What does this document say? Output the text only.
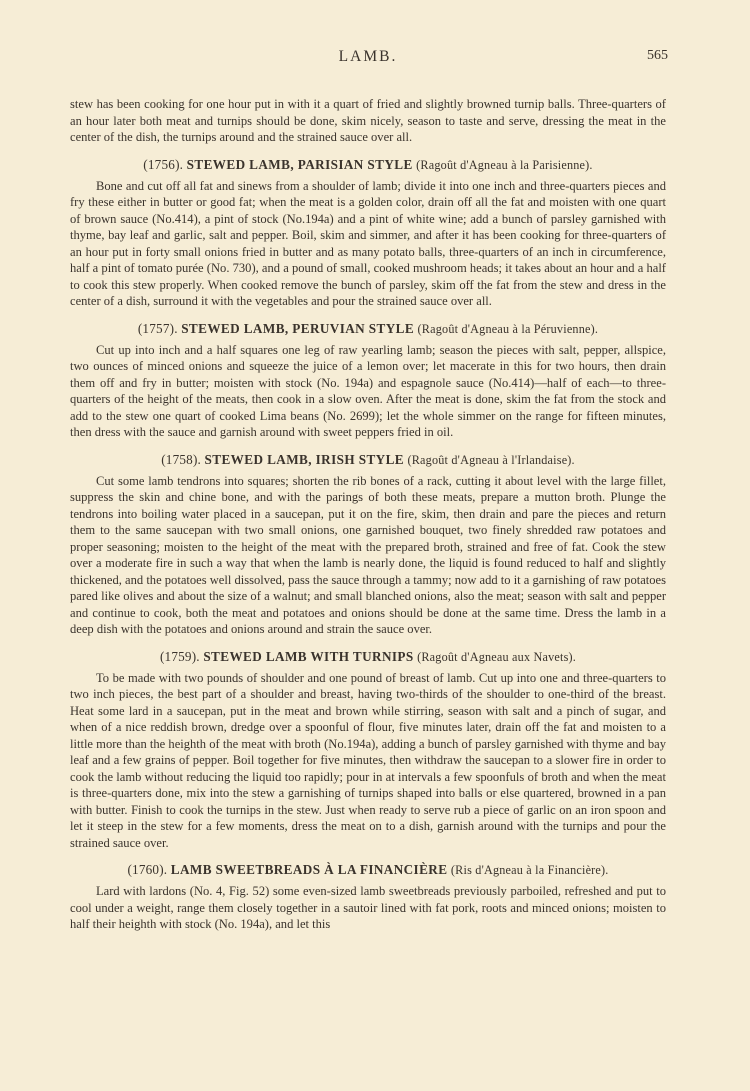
LAMB.	565

stew has been cooking for one hour put in with it a quart of fried and slightly browned turnip balls. Three-quarters of an hour later both meat and turnips should be done, skim nicely, season to taste and serve, dressing the meat in the center of the dish, the turnips around and the strained sauce over all.

(1756). STEWED LAMB, PARISIAN STYLE (Ragoût d'Agneau à la Parisienne).

Bone and cut off all fat and sinews from a shoulder of lamb; divide it into one inch and three-quarters pieces and fry these either in butter or good fat; when the meat is a golden color, drain off all the fat and moisten with one quart of brown sauce (No.414), a pint of stock (No.194a) and a pint of white wine; add a bunch of parsley garnished with thyme, bay leaf and garlic, salt and pepper. Boil, skim and simmer, and after it has been cooking for three-quarters of an hour put in forty small onions fried in butter and as many potato balls, three-quarters of an inch in circumference, half a pint of tomato purée (No. 730), and a pound of small, cooked mushroom heads; it takes about an hour and a half to cook this stew properly. When cooked remove the bunch of parsley, skim off the fat from the stew and dress in the center of a dish, surround it with the vegetables and pour the strained sauce over all.

(1757). STEWED LAMB, PERUVIAN STYLE (Ragoût d'Agneau à la Péruvienne).

Cut up into inch and a half squares one leg of raw yearling lamb; season the pieces with salt, pepper, allspice, two ounces of minced onions and squeeze the juice of a lemon over; let macerate in this for two hours, then drain them off and fry in butter; moisten with stock (No. 194a) and espagnole sauce (No.414)—half of each—to three-quarters of the height of the meats, then cook in a slow oven. After the meat is done, skim the fat from the stock and add to the stew one quart of cooked Lima beans (No. 2699); let the whole simmer on the range for fifteen minutes, then dress with the sauce and garnish around with sweet peppers fried in oil.

(1758). STEWED LAMB, IRISH STYLE (Ragoût d'Agneau à l'Irlandaise).

Cut some lamb tendrons into squares; shorten the rib bones of a rack, cutting it about level with the large fillet, suppress the skin and chine bone, and with the parings of both these meats, prepare a mutton broth. Plunge the tendrons into boiling water placed in a saucepan, put it on the fire, skim, then drain and pare the pieces and return them to the same saucepan with two small onions, one garnished bouquet, two finely shredded raw potatoes and proper seasoning; moisten to the height of the meat with the prepared broth, strained and free of fat. Cook the stew over a moderate fire in such a way that when the lamb is nearly done, the liquid is found reduced to half and slightly thickened, and the potatoes well dissolved, pass the sauce through a tammy; now add to it a garnishing of raw potatoes pared like olives and about the size of a walnut; and small blanched onions, also the meat; season with salt and pepper and continue to cook, both the meat and potatoes and onions should be done at the same time. Dress the lamb in a deep dish with the potatoes and onions around and strain the sauce over.

(1759). STEWED LAMB WITH TURNIPS (Ragoût d'Agneau aux Navets).

To be made with two pounds of shoulder and one pound of breast of lamb. Cut up into one and three-quarters to two inch pieces, the best part of a shoulder and breast, having two-thirds of the shoulder to one-third of the breast. Heat some lard in a saucepan, put in the meat and brown while stirring, season with salt and a pinch of sugar, and when of a nice reddish brown, dredge over a spoonful of flour, five minutes later, drain off the fat and moisten to a little more than the heighth of the meat with broth (No.194a), adding a bunch of parsley garnished with thyme and bay leaf and a few grains of pepper. Boil together for five minutes, then withdraw the saucepan to a slower fire in order to cook the lamb without reducing the liquid too rapidly; pour in at intervals a few spoonfuls of broth and when the meat is three-quarters done, mix into the stew a garnishing of turnips shaped into balls or else quartered, browned in a pan with butter. Finish to cook the turnips in the stew. Just when ready to serve rub a piece of garlic on an iron spoon and let it steep in the stew for a few moments, dress the meat on to a dish, garnish around with the turnips and pour the strained sauce over.

(1760). LAMB SWEETBREADS À LA FINANCIÈRE (Ris d'Agneau à la Financière).

Lard with lardons (No. 4, Fig. 52) some even-sized lamb sweetbreads previously parboiled, refreshed and put to cool under a weight, range them closely together in a sautoir lined with fat pork, roots and minced onions; moisten to half their heighth with stock (No. 194a), and let this
